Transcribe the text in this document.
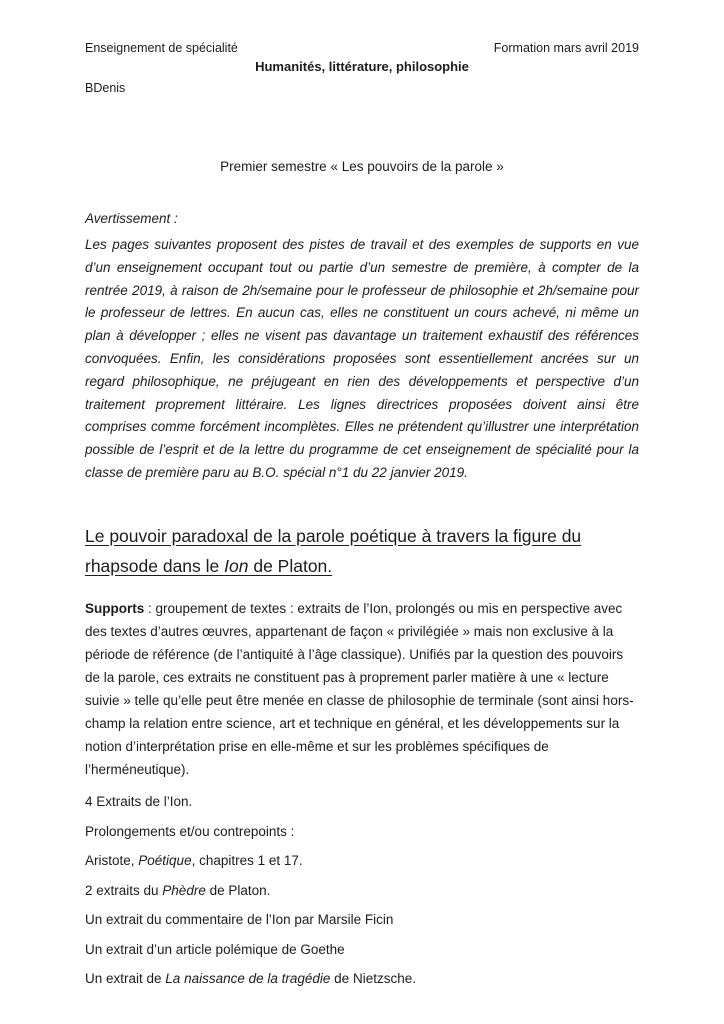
Enseignement de spécialité	Formation mars avril 2019
Humanités, littérature, philosophie
BDenis
Premier semestre « Les pouvoirs de la parole »
Avertissement :
Les pages suivantes proposent des pistes de travail et des exemples de supports en vue d’un enseignement occupant tout ou partie d’un semestre de première, à compter de la rentrée 2019, à raison de 2h/semaine pour le professeur de philosophie et 2h/semaine pour le professeur de lettres. En aucun cas, elles ne constituent un cours achevé, ni même un plan à développer ; elles ne visent pas davantage un traitement exhaustif des références convoquées. Enfin, les considérations proposées sont essentiellement ancrées sur un regard philosophique, ne préjugeant en rien des développements et perspective d’un traitement proprement littéraire. Les lignes directrices proposées doivent ainsi être comprises comme forcément incomplètes. Elles ne prétendent qu’illustrer une interprétation possible de l’esprit et de la lettre du programme de cet enseignement de spécialité pour la classe de première paru au B.O. spécial n°1 du 22 janvier 2019.
Le pouvoir paradoxal de la parole poétique à travers la figure du rhapsode dans le Ion de Platon.
Supports : groupement de textes : extraits de l’Ion, prolongés ou mis en perspective avec des textes d’autres œuvres, appartenant de façon « privilégiée » mais non exclusive à la période de référence (de l’antiquité à l’âge classique). Unifiés par la question des pouvoirs de la parole, ces extraits ne constituent pas à proprement parler matière à une « lecture suivie » telle qu’elle peut être menée en classe de philosophie de terminale (sont ainsi hors-champ la relation entre science, art et technique en général, et les développements sur la notion d’interprétation prise en elle-même et sur les problèmes spécifiques de l’herméneutique).
4 Extraits de l’Ion.
Prolongements et/ou contrepoints :
Aristote, Poétique, chapitres 1 et 17.
2 extraits du Phèdre de Platon.
Un extrait du commentaire de l’Ion par Marsile Ficin
Un extrait d’un article polémique de Goethe
Un extrait de La naissance de la tragédie de Nietzsche.
